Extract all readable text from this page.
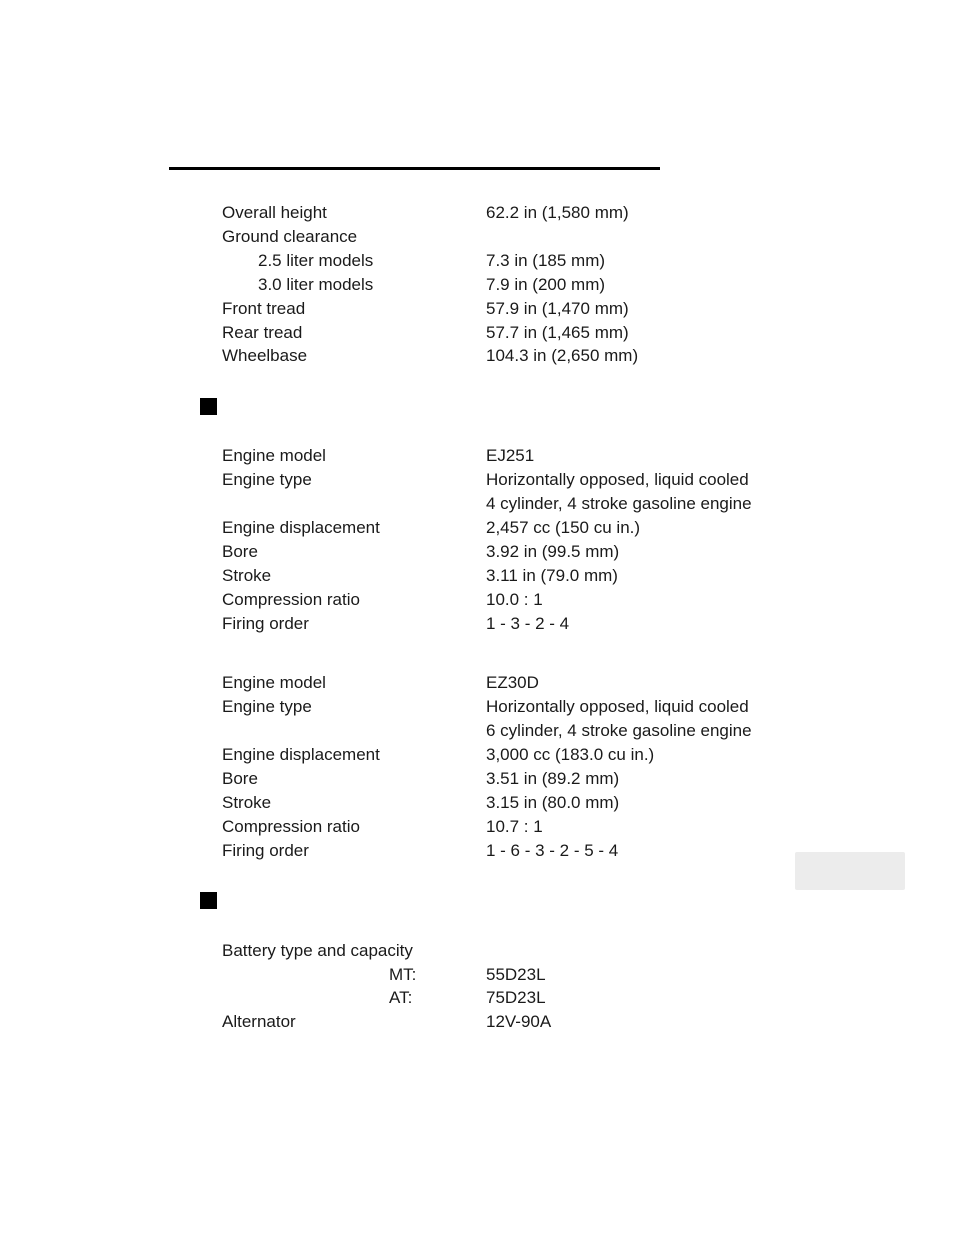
Overall height	62.2 in (1,580 mm)
Ground clearance
2.5 liter models	7.3 in (185 mm)
3.0 liter models	7.9 in (200 mm)
Front tread	57.9 in (1,470 mm)
Rear tread	57.7 in (1,465 mm)
Wheelbase	104.3 in (2,650 mm)
Engine model	EJ251
Engine type	Horizontally opposed, liquid cooled
4 cylinder, 4 stroke gasoline engine
Engine displacement	2,457 cc (150 cu in.)
Bore	3.92 in (99.5 mm)
Stroke	3.11 in (79.0 mm)
Compression ratio	10.0 : 1
Firing order	1 - 3 - 2 - 4
Engine model	EZ30D
Engine type	Horizontally opposed, liquid cooled
6 cylinder, 4 stroke gasoline engine
Engine displacement	3,000 cc (183.0 cu in.)
Bore	3.51 in (89.2 mm)
Stroke	3.15 in (80.0 mm)
Compression ratio	10.7 : 1
Firing order	1 - 6 - 3 - 2 - 5 - 4
Battery type and capacity
MT:	55D23L
AT:	75D23L
Alternator	12V-90A
